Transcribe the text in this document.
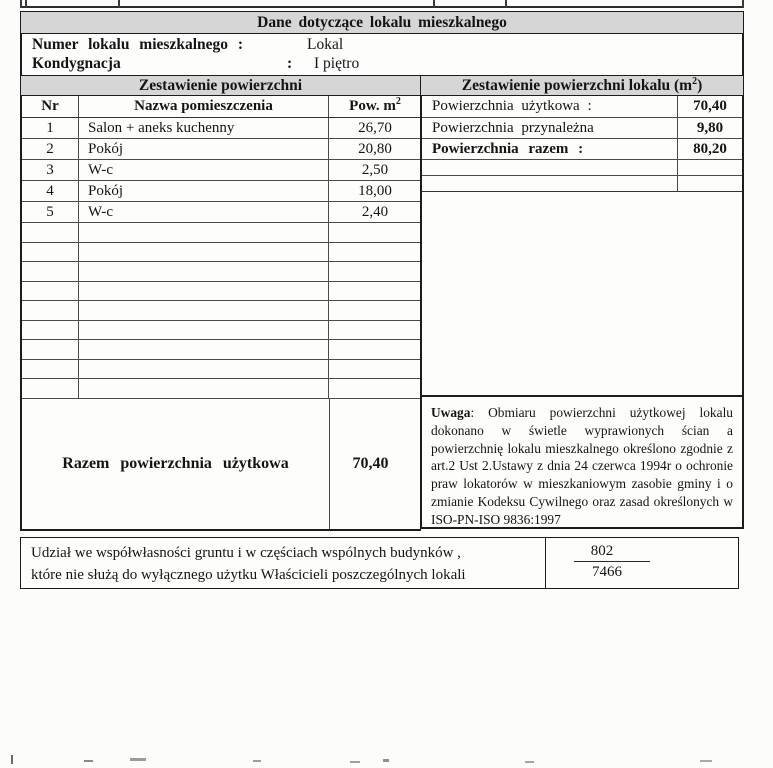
Dane dotyczące lokalu mieszkalnego
Numer lokalu mieszkalnego :	Lokal
Kondygnacja	: I piętro
Zestawienie powierzchni	Zestawienie powierzchni lokalu $(m^2)$
Nr	Nazwa pomieszczenia	Pow. $m^2$
1	Salon + aneks kuchenny	26,70
2	Pokój	20,80
3	W-c	2,50
4	Pokój	18,00
5	W-c	2,40
Razem powierzchnia użytkowa	70,40
Powierzchnia użytkowa :	70,40
Powierzchnia przynależna	9,80
Powierzchnia razem :	80,20
Uwaga: Obmiaru powierzchni użytkowej lokalu dokonano w świetle wyprawionych ścian a powierzchnię lokalu mieszkalnego określono zgodnie z art.2 Ust 2.Ustawy z dnia 24 czerwca 1994r o ochronie praw lokatorów w mieszkaniowym zasobie gminy i o zmianie Kodeksu Cywilnego oraz zasad określonych w ISO-PN-ISO 9836:1997
Udział we współwłasności gruntu i w częściach wspólnych budynków ,
które nie służą do wyłącznego użytku Właścicieli poszczególnych lokali
802
7466
